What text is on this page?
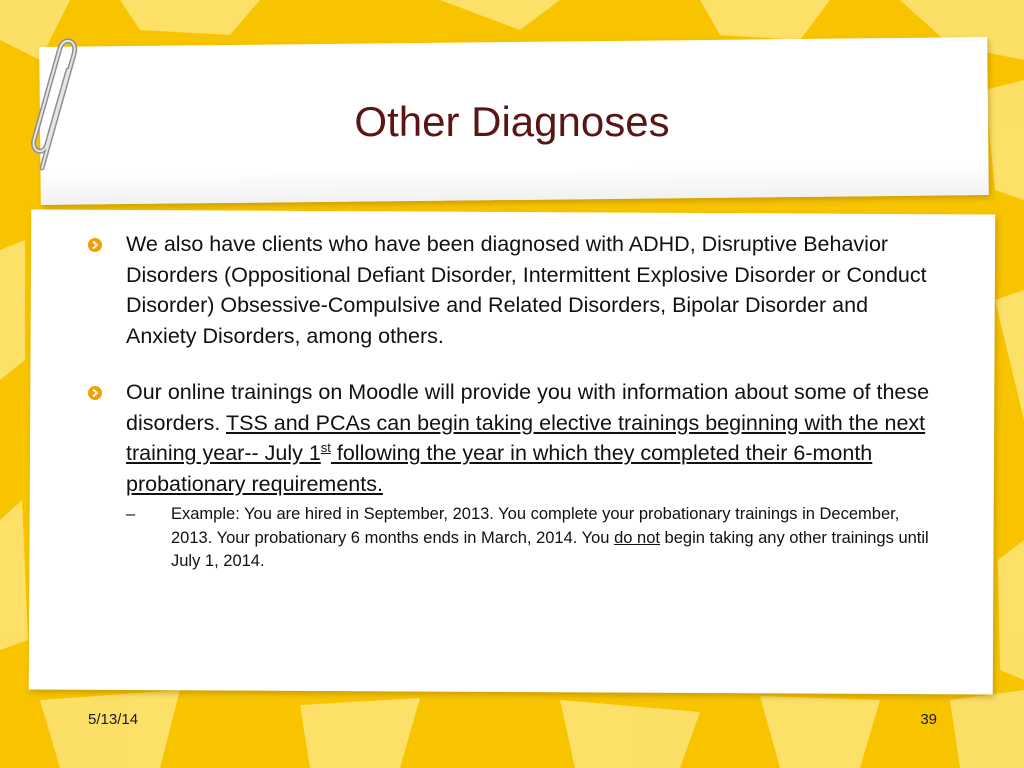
Other Diagnoses
We also have clients who have been diagnosed with ADHD, Disruptive Behavior Disorders (Oppositional Defiant Disorder, Intermittent Explosive Disorder or Conduct Disorder) Obsessive-Compulsive and Related Disorders, Bipolar Disorder and Anxiety Disorders, among others.
Our online trainings on Moodle will provide you with information about some of these disorders. TSS and PCAs can begin taking elective trainings beginning with the next training year-- July 1st following the year in which they completed their 6-month probationary requirements.
– Example: You are hired in September, 2013. You complete your probationary trainings in December, 2013. Your probationary 6 months ends in March, 2014. You do not begin taking any other trainings until July 1, 2014.
5/13/14	39
